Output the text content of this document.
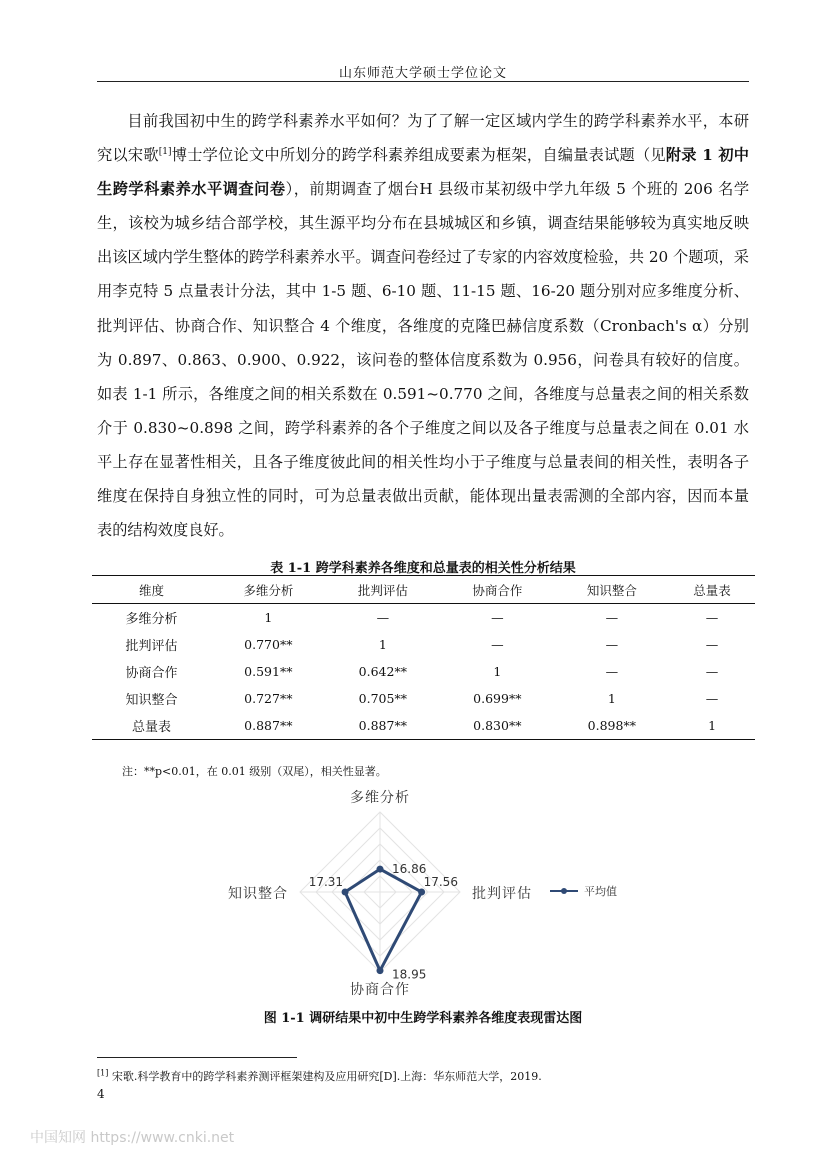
山东师范大学硕士学位论文

目前我国初中生的跨学科素养水平如何？为了了解一定区域内学生的跨学科素养水平，本研究以宋歌[1]博士学位论文中所划分的跨学科素养组成要素为框架，自编量表试题（见附录 1 初中生跨学科素养水平调查问卷），前期调查了烟台H 县级市某初级中学九年级 5 个班的 206 名学生，该校为城乡结合部学校，其生源平均分布在县城城区和乡镇，调查结果能够较为真实地反映出该区域内学生整体的跨学科素养水平。调查问卷经过了专家的内容效度检验，共 20 个题项，采用李克特 5 点量表计分法，其中 1-5 题、6-10 题、11-15 题、16-20 题分别对应多维度分析、批判评估、协商合作、知识整合 4 个维度，各维度的克隆巴赫信度系数（Cronbach's α）分别为 0.897、0.863、0.900、0.922，该问卷的整体信度系数为 0.956，问卷具有较好的信度。如表 1-1 所示，各维度之间的相关系数在 0.591~0.770 之间，各维度与总量表之间的相关系数介于 0.830~0.898 之间，跨学科素养的各个子维度之间以及各子维度与总量表之间在 0.01 水平上存在显著性相关，且各子维度彼此间的相关性均小于子维度与总量表间的相关性，表明各子维度在保持自身独立性的同时，可为总量表做出贡献，能体现出量表需测的全部内容，因而本量表的结构效度良好。

表 1-1 跨学科素养各维度和总量表的相关性分析结果
维度	多维分析	批判评估	协商合作	知识整合	总量表
多维分析	1	—	—	—	—
批判评估	0.770**	1	—	—	—
协商合作	0.591**	0.642**	1	—	—
知识整合	0.727**	0.705**	0.699**	1	—
总量表	0.887**	0.887**	0.830**	0.898**	1
注：**p<0.01，在 0.01 级别（双尾），相关性显著。
多维分析
批判评估
协商合作
知识整合
16.86
17.56
18.95
17.31
平均值
图 1-1 调研结果中初中生跨学科素养各维度表现雷达图
[1] 宋歌.科学教育中的跨学科素养测评框架建构及应用研究[D].上海：华东师范大学，2019.
4
中国知网 https://www.cnki.net
